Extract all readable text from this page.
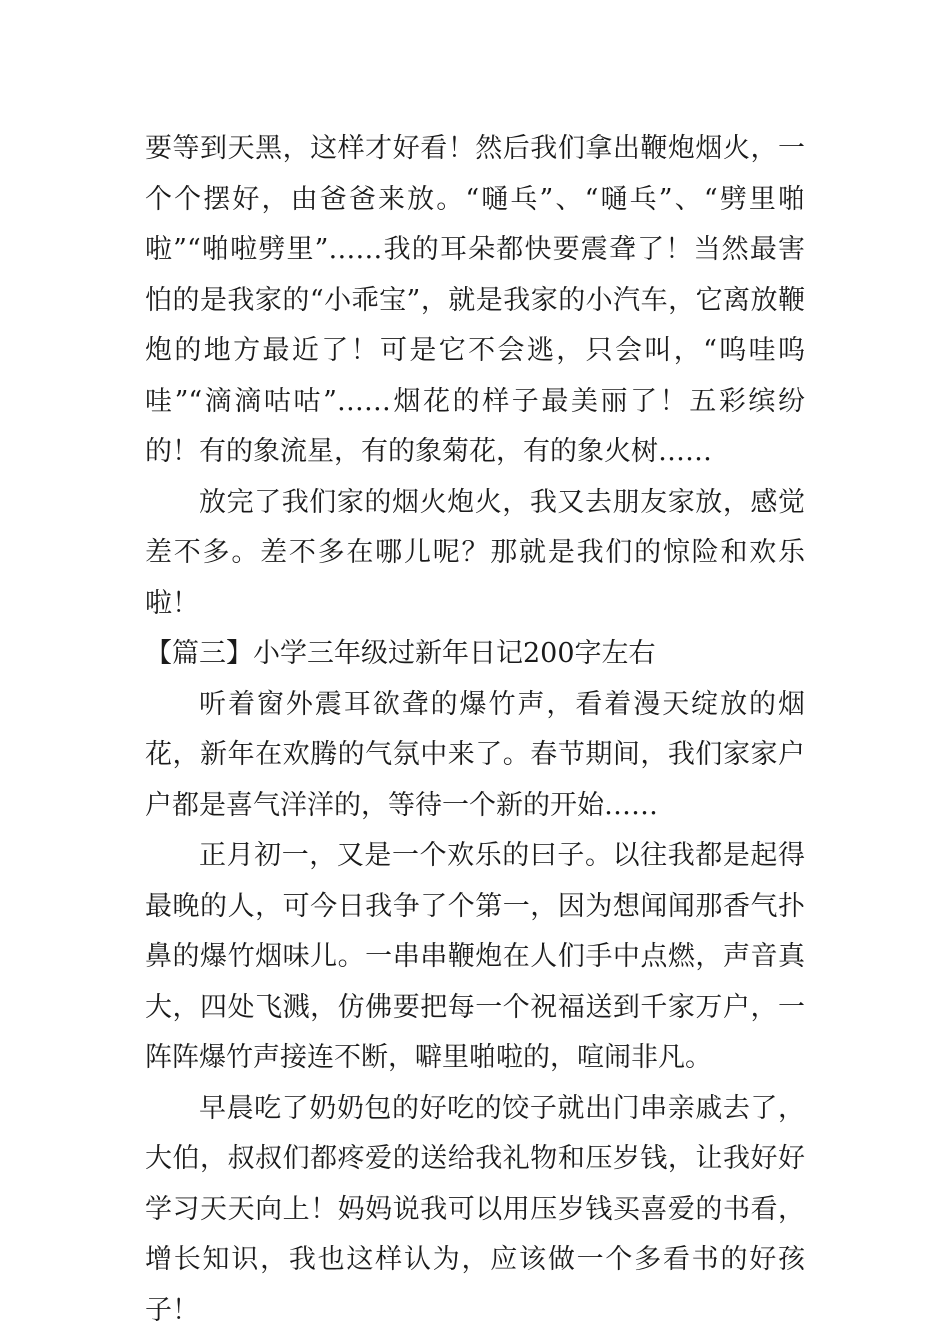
要等到天黑，这样才好看！然后我们拿出鞭炮烟火，一个个摆好，由爸爸来放。“嗵乓”、“嗵乓”、“劈里啪啦”“啪啦劈里”……我的耳朵都快要震聋了！当然最害怕的是我家的“小乖宝”，就是我家的小汽车，它离放鞭炮的地方最近了！可是它不会逃，只会叫，“呜哇呜哇”“滴滴咕咕”……烟花的样子最美丽了！五彩缤纷的！有的象流星，有的象菊花，有的象火树……

放完了我们家的烟火炮火，我又去朋友家放，感觉差不多。差不多在哪儿呢？那就是我们的惊险和欢乐啦！

【篇三】小学三年级过新年日记200字左右

听着窗外震耳欲聋的爆竹声，看着漫天绽放的烟花，新年在欢腾的气氛中来了。春节期间，我们家家户户都是喜气洋洋的，等待一个新的开始……

正月初一，又是一个欢乐的曰子。以往我都是起得最晚的人，可今日我争了个第一，因为想闻闻那香气扑鼻的爆竹烟味儿。一串串鞭炮在人们手中点燃，声音真大，四处飞溅，仿佛要把每一个祝福送到千家万户，一阵阵爆竹声接连不断，噼里啪啦的，喧闹非凡。

早晨吃了奶奶包的好吃的饺子就出门串亲戚去了，大伯，叔叔们都疼爱的送给我礼物和压岁钱，让我好好学习天天向上！妈妈说我可以用压岁钱买喜爱的书看，增长知识，我也这样认为，应该做一个多看书的好孩子！
